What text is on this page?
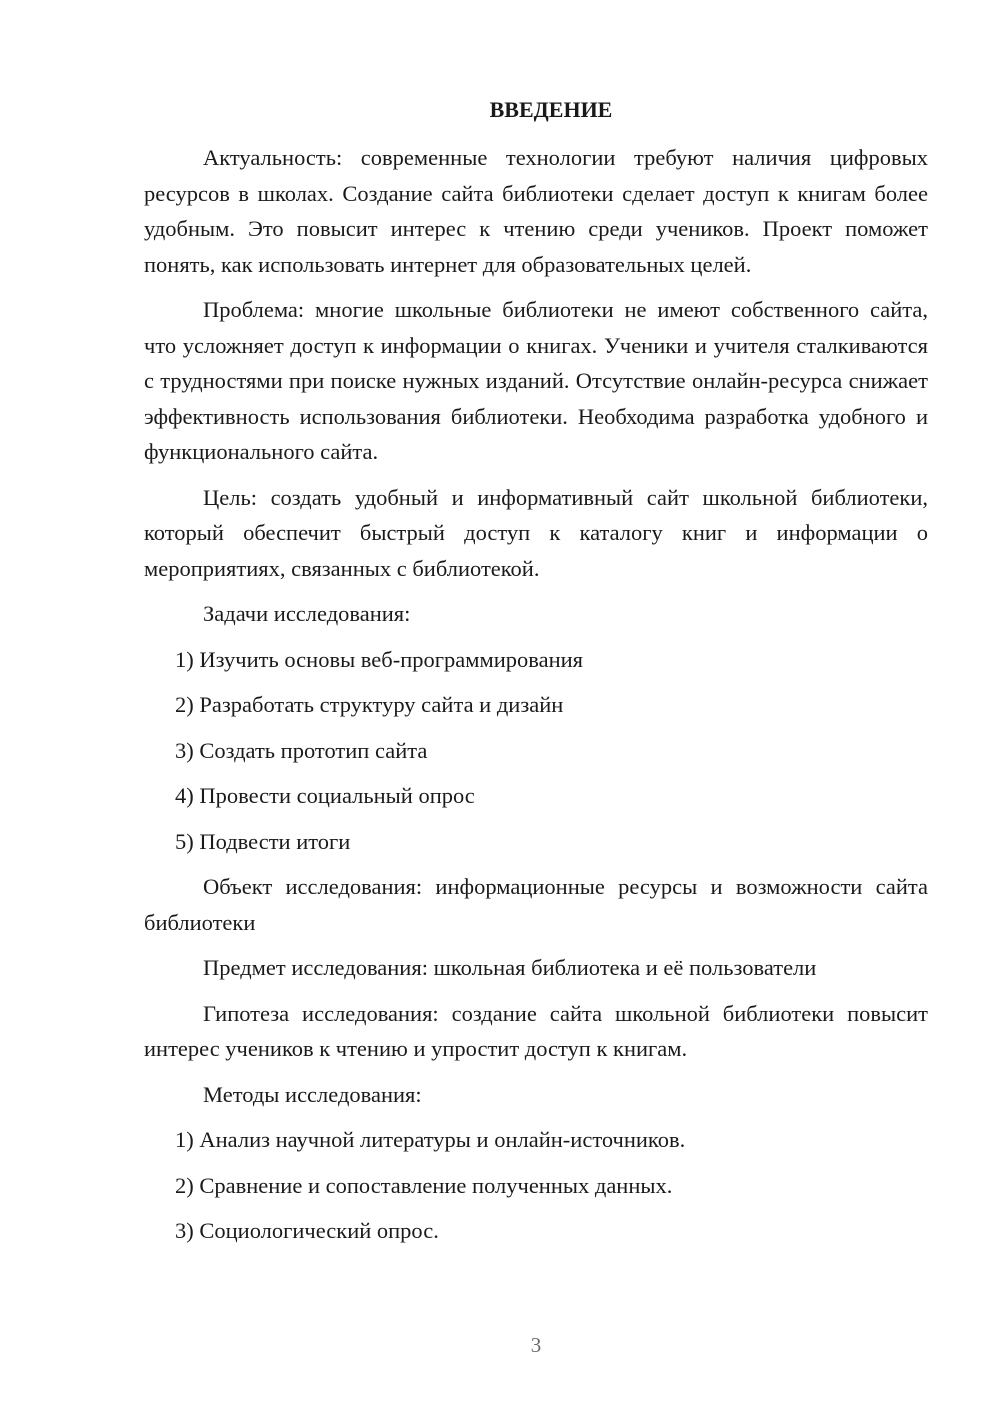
ВВЕДЕНИЕ

Актуальность: современные технологии требуют наличия цифровых ресурсов в школах. Создание сайта библиотеки сделает доступ к книгам более удобным. Это повысит интерес к чтению среди учеников. Проект поможет понять, как использовать интернет для образовательных целей.

Проблема: многие школьные библиотеки не имеют собственного сайта, что усложняет доступ к информации о книгах. Ученики и учителя сталкиваются с трудностями при поиске нужных изданий. Отсутствие онлайн-ресурса снижает эффективность использования библиотеки. Необходима разработка удобного и функционального сайта.

Цель: создать удобный и информативный сайт школьной библиотеки, который обеспечит быстрый доступ к каталогу книг и информации о мероприятиях, связанных с библиотекой.

Задачи исследования:

1) Изучить основы веб-программирования

2) Разработать структуру сайта и дизайн

3) Создать прототип сайта

4) Провести социальный опрос

5) Подвести итоги

Объект исследования: информационные ресурсы и возможности сайта библиотеки

Предмет исследования: школьная библиотека и её пользователи

Гипотеза исследования: создание сайта школьной библиотеки повысит интерес учеников к чтению и упростит доступ к книгам.

Методы исследования:

1) Анализ научной литературы и онлайн-источников.

2) Сравнение и сопоставление полученных данных.

3) Социологический опрос.

3
